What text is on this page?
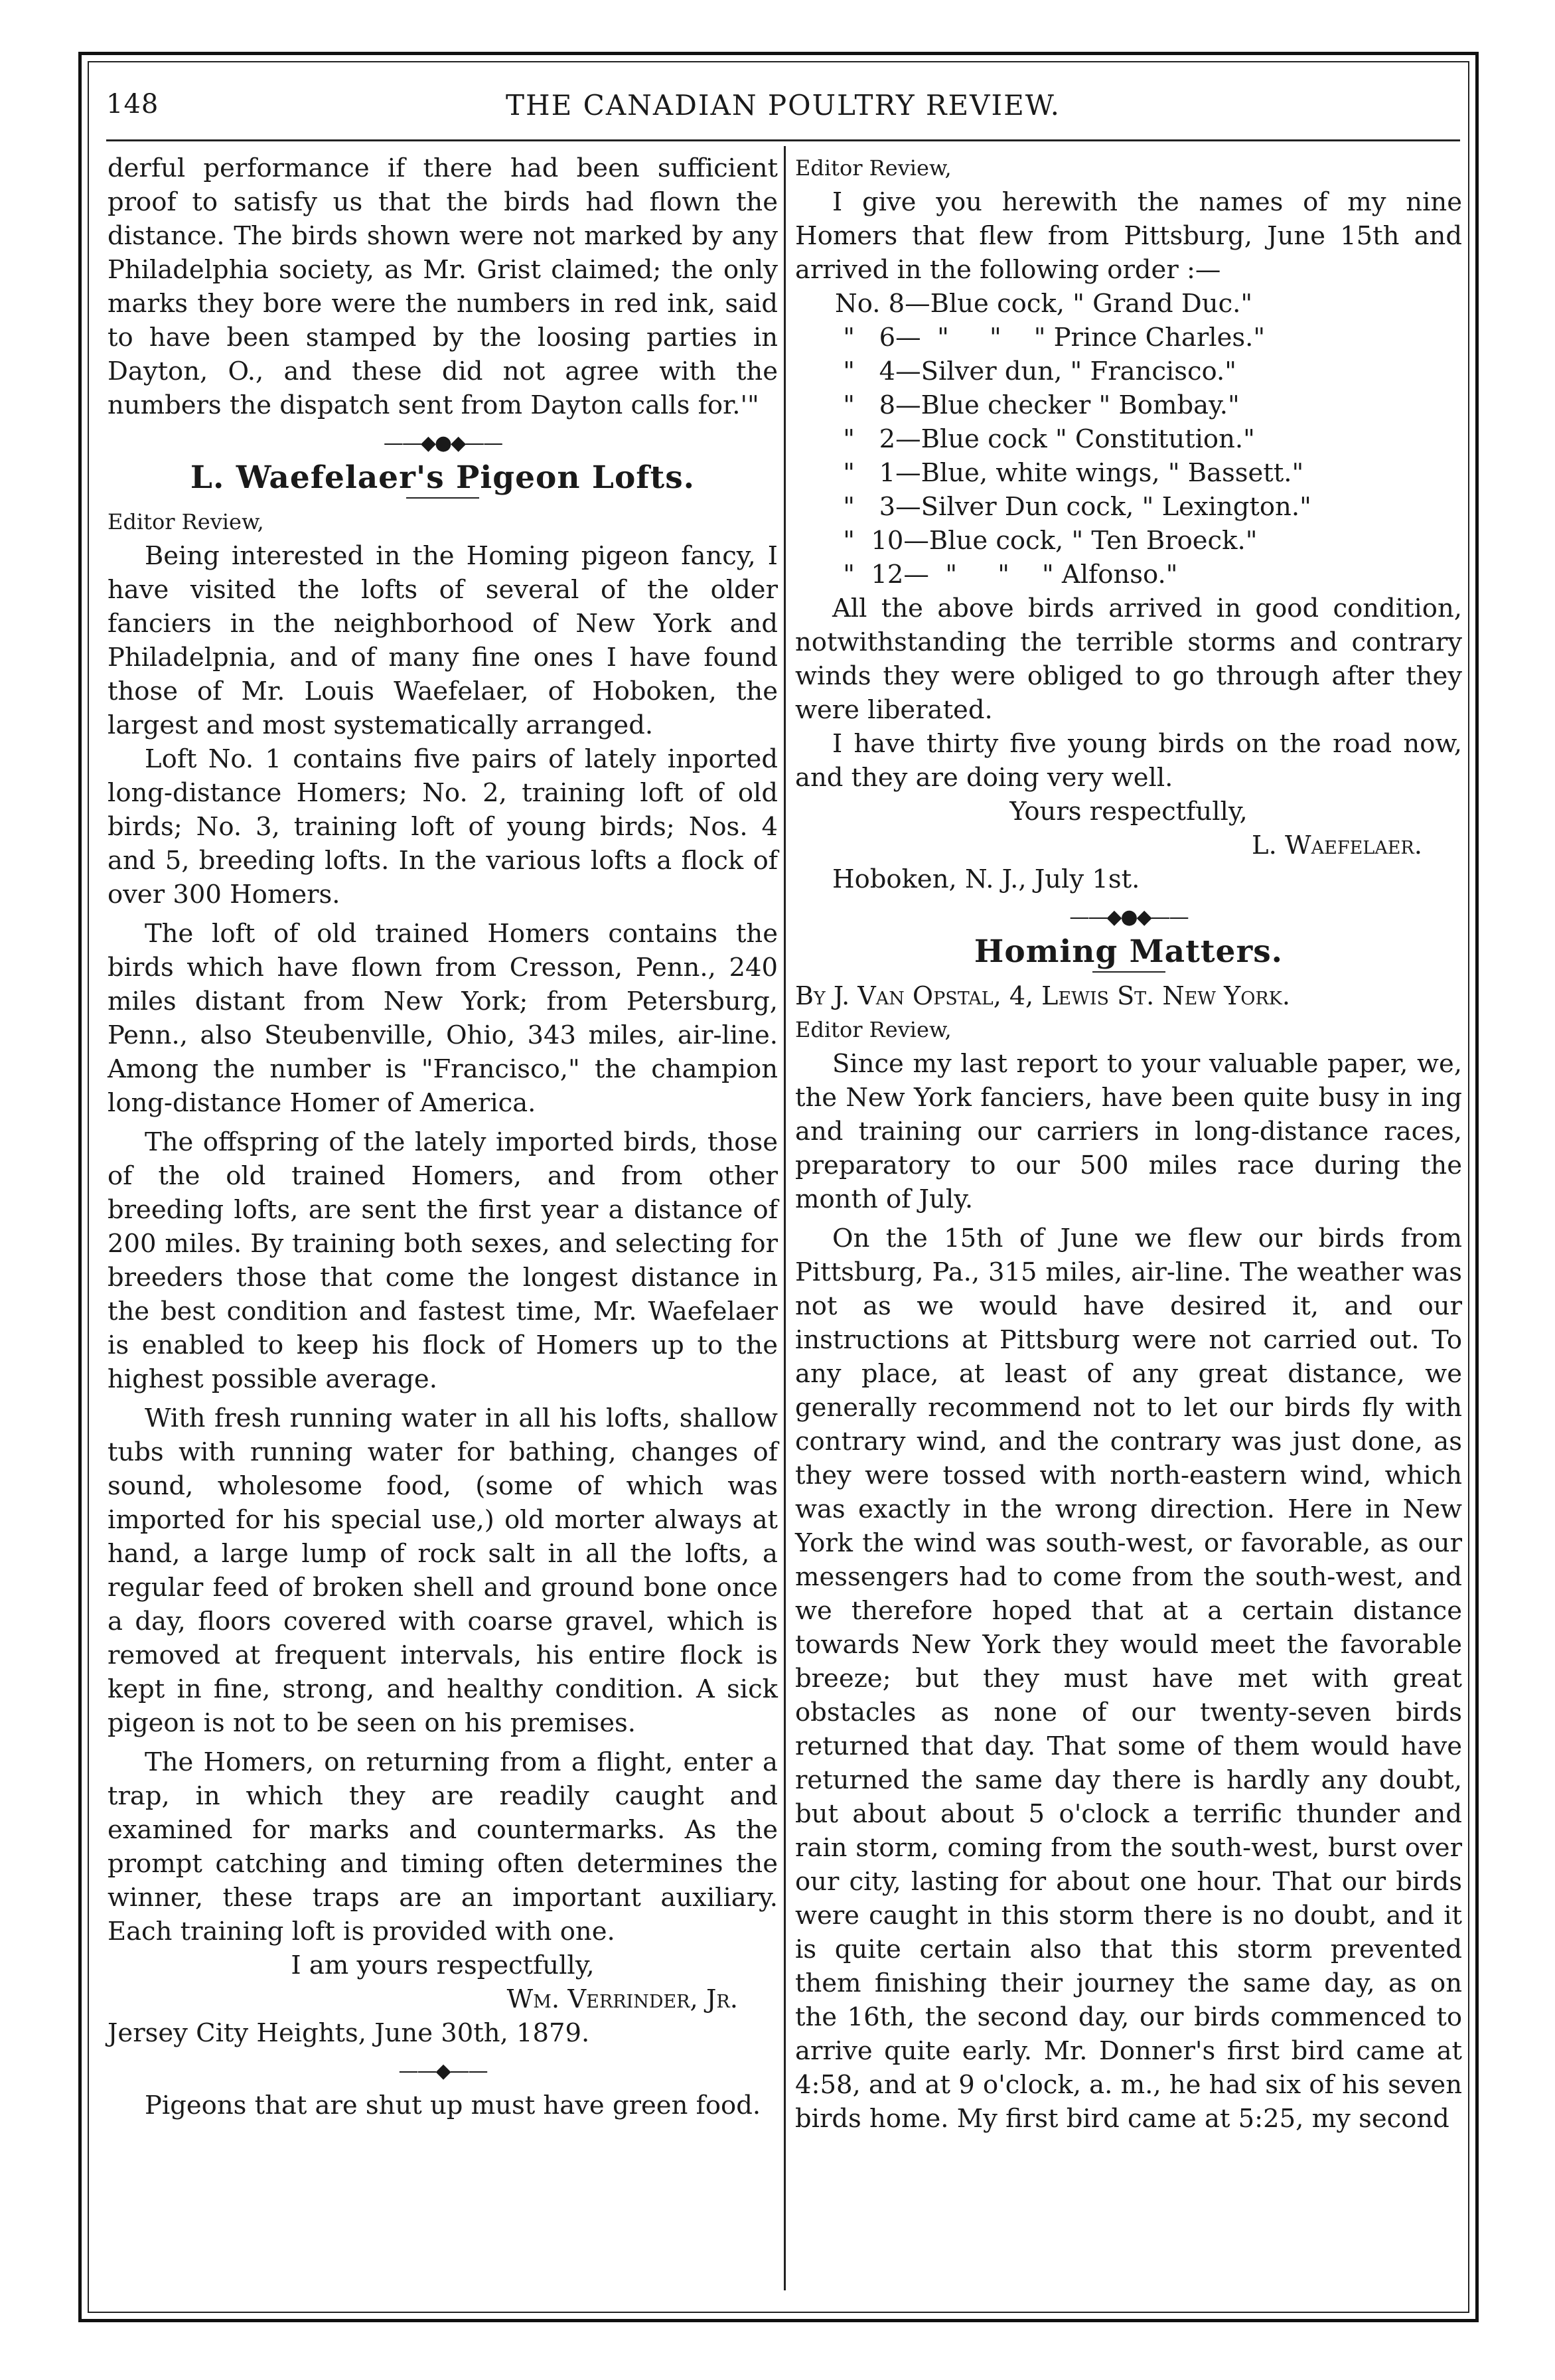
148	THE CANADIAN POULTRY REVIEW.

derful performance if there had been sufficient proof to satisfy us that the birds had flown the distance. The birds shown were not marked by any Philadelphia society, as Mr. Grist claimed; the only marks they bore were the numbers in red ink, said to have been stamped by the loosing parties in Dayton, O., and these did not agree with the numbers the dispatch sent from Dayton calls for.'"

——◆●◆——
L. Waefelaer's Pigeon Lofts.

Editor Review,

Being interested in the Homing pigeon fancy, I have visited the lofts of several of the older fanciers in the neighborhood of New York and Philadelpnia, and of many fine ones I have found those of Mr. Louis Waefelaer, of Hoboken, the largest and most systematically arranged.

Loft No. 1 contains five pairs of lately inported long-distance Homers; No. 2, training loft of old birds; No. 3, training loft of young birds; Nos. 4 and 5, breeding lofts. In the various lofts a flock of over 300 Homers.

The loft of old trained Homers contains the birds which have flown from Cresson, Penn., 240 miles distant from New York; from Petersburg, Penn., also Steubenville, Ohio, 343 miles, air-line. Among the number is "Francisco," the champion long-distance Homer of America.

The offspring of the lately imported birds, those of the old trained Homers, and from other breeding lofts, are sent the first year a distance of 200 miles. By training both sexes, and selecting for breeders those that come the longest distance in the best condition and fastest time, Mr. Waefelaer is enabled to keep his flock of Homers up to the highest possible average.

With fresh running water in all his lofts, shallow tubs with running water for bathing, changes of sound, wholesome food, (some of which was imported for his special use,) old morter always at hand, a large lump of rock salt in all the lofts, a regular feed of broken shell and ground bone once a day, floors covered with coarse gravel, which is removed at frequent intervals, his entire flock is kept in fine, strong, and healthy condition. A sick pigeon is not to be seen on his premises.

The Homers, on returning from a flight, enter a trap, in which they are readily caught and examined for marks and countermarks. As the prompt catching and timing often determines the winner, these traps are an important auxiliary. Each training loft is provided with one.

I am yours respectfully,

Wm. Verrinder, Jr.

Jersey City Heights, June 30th, 1879.

——◆——

Pigeons that are shut up must have green food.

Editor Review,

I give you herewith the names of my nine Homers that flew from Pittsburg, June 15th and arrived in the following order :—

No. 8—Blue cock, " Grand Duc."
"   6—  "     "    " Prince Charles."
"   4—Silver dun, " Francisco."
"   8—Blue checker " Bombay."
"   2—Blue cock " Constitution."
"   1—Blue, white wings, " Bassett."
"   3—Silver Dun cock, " Lexington."
"  10—Blue cock, " Ten Broeck."
"  12—  "     "    " Alfonso."

All the above birds arrived in good condition, notwithstanding the terrible storms and contrary winds they were obliged to go through after they were liberated.

I have thirty five young birds on the road now, and they are doing very well.

Yours respectfully,

L. Waefelaer.

Hoboken, N. J., July 1st.

——◆●◆——
Homing Matters.

By J. Van Opstal, 4, Lewis St. New York.

Editor Review,

Since my last report to your valuable paper, we, the New York fanciers, have been quite busy in ing and training our carriers in long-distance races, preparatory to our 500 miles race during the month of July.

On the 15th of June we flew our birds from Pittsburg, Pa., 315 miles, air-line. The weather was not as we would have desired it, and our instructions at Pittsburg were not carried out. To any place, at least of any great distance, we generally recommend not to let our birds fly with contrary wind, and the contrary was just done, as they were tossed with north-eastern wind, which was exactly in the wrong direction. Here in New York the wind was south-west, or favorable, as our messengers had to come from the south-west, and we therefore hoped that at a certain distance towards New York they would meet the favorable breeze; but they must have met with great obstacles as none of our twenty-seven birds returned that day. That some of them would have returned the same day there is hardly any doubt, but about about 5 o'clock a terrific thunder and rain storm, coming from the south-west, burst over our city, lasting for about one hour. That our birds were caught in this storm there is no doubt, and it is quite certain also that this storm prevented them finishing their journey the same day, as on the 16th, the second day, our birds commenced to arrive quite early. Mr. Donner's first bird came at 4:58, and at 9 o'clock, a. m., he had six of his seven birds home. My first bird came at 5:25, my second
